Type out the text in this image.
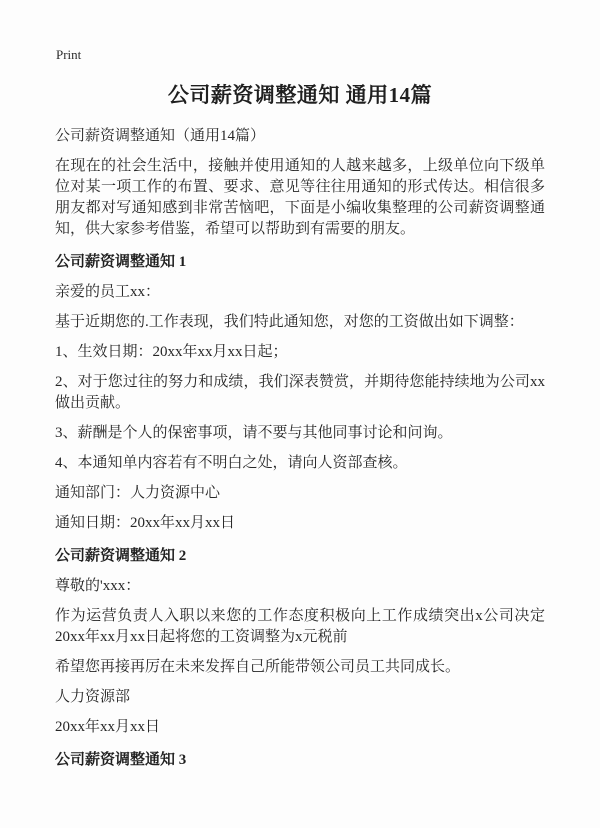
Print
公司薪资调整通知 通用14篇

公司薪资调整通知（通用14篇）

在现在的社会生活中，接触并使用通知的人越来越多，上级单位向下级单位对某一项工作的布置、要求、意见等往往用通知的形式传达。相信很多朋友都对写通知感到非常苦恼吧，下面是小编收集整理的公司薪资调整通知，供大家参考借鉴，希望可以帮助到有需要的朋友。

公司薪资调整通知 1

亲爱的员工xx：

基于近期您的.工作表现，我们特此通知您，对您的工资做出如下调整：

1、生效日期：20xx年xx月xx日起；

2、对于您过往的努力和成绩，我们深表赞赏，并期待您能持续地为公司xx做出贡献。

3、薪酬是个人的保密事项，请不要与其他同事讨论和问询。

4、本通知单内容若有不明白之处，请向人资部查核。

通知部门：人力资源中心

通知日期：20xx年xx月xx日

公司薪资调整通知 2

尊敬的'xxx：

作为运营负责人入职以来您的工作态度积极向上工作成绩突出x公司决定20xx年xx月xx日起将您的工资调整为x元税前

希望您再接再厉在未来发挥自己所能带领公司员工共同成长。

人力资源部

20xx年xx月xx日

公司薪资调整通知 3
